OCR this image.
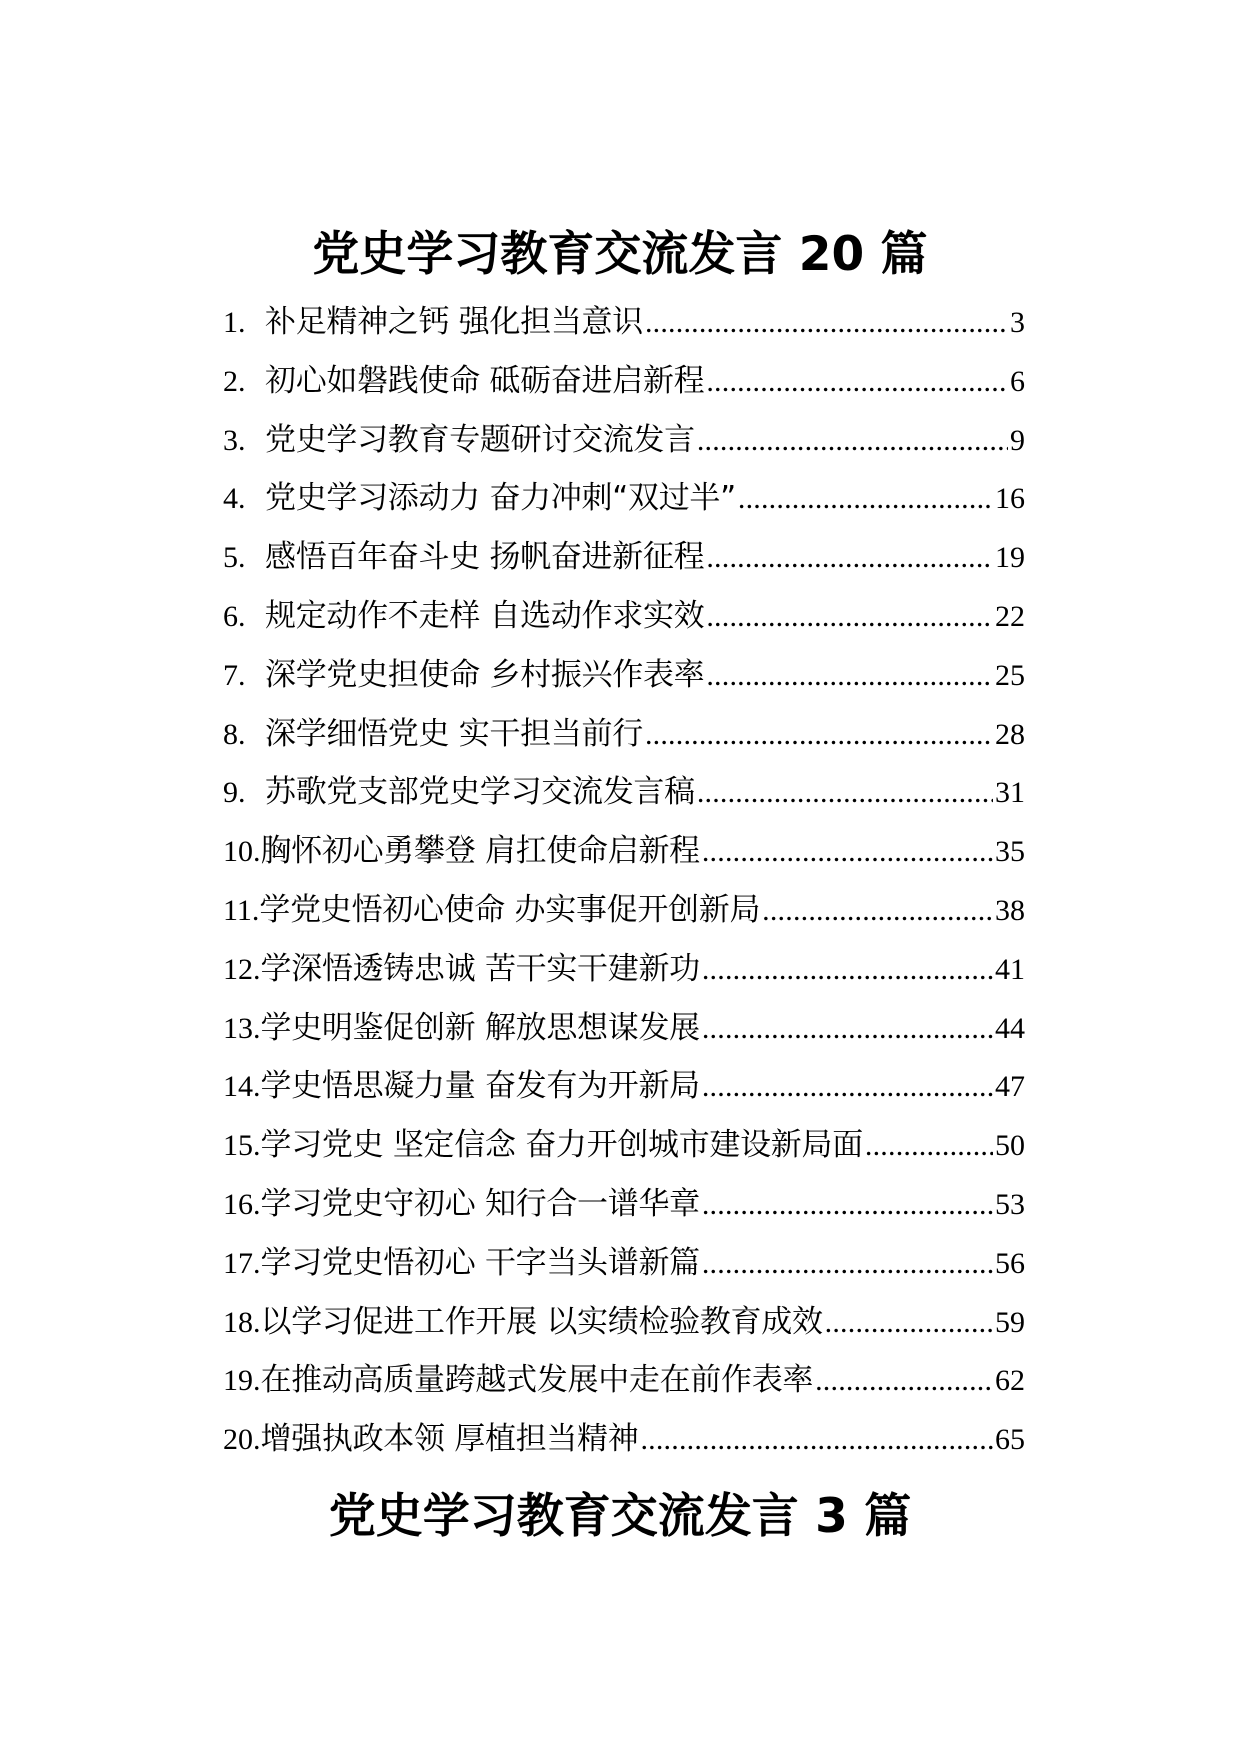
党史学习教育交流发言 20 篇
1. 补足精神之钙 强化担当意识 .....	3
2. 初心如磐践使命 砥砺奋进启新程 .....	6
3. 党史学习教育专题研讨交流发言 .....	9
4. 党史学习添动力 奋力冲刺“双过半” .....	16
5. 感悟百年奋斗史 扬帆奋进新征程 .....	19
6. 规定动作不走样 自选动作求实效 .....	22
7. 深学党史担使命 乡村振兴作表率 .....	25
8. 深学细悟党史 实干担当前行 .....	28
9. 苏歌党支部党史学习交流发言稿 .....	31
10. 胸怀初心勇攀登 肩扛使命启新程 .....	35
11. 学党史悟初心使命 办实事促开创新局 .....	38
12. 学深悟透铸忠诚 苦干实干建新功 .....	41
13. 学史明鉴促创新 解放思想谋发展 .....	44
14. 学史悟思凝力量 奋发有为开新局 .....	47
15. 学习党史 坚定信念 奋力开创城市建设新局面 .....	50
16. 学习党史守初心 知行合一谱华章 .....	53
17. 学习党史悟初心 干字当头谱新篇 .....	56
18. 以学习促进工作开展 以实绩检验教育成效 .....	59
19. 在推动高质量跨越式发展中走在前作表率 .....	62
20. 增强执政本领 厚植担当精神 .....	65
党史学习教育交流发言 3 篇
